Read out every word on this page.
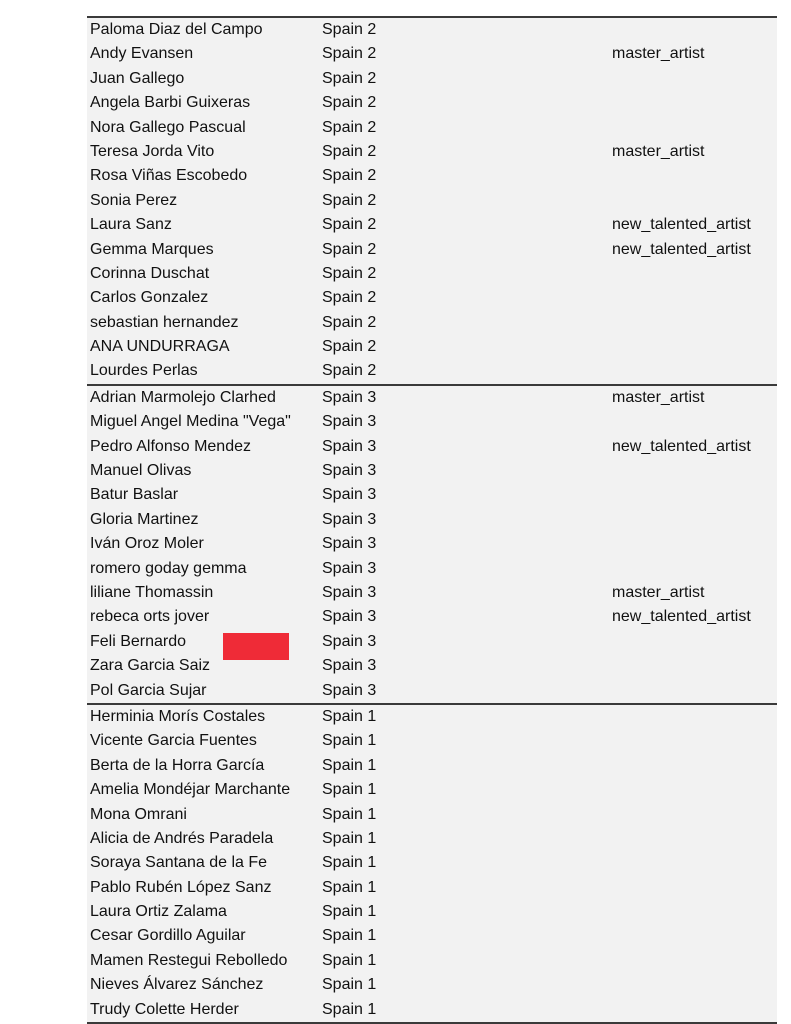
Paloma Diaz del Campo	Spain 2
Andy Evansen	Spain 2	master_artist
Juan Gallego	Spain 2
Angela Barbi Guixeras	Spain 2
Nora Gallego Pascual	Spain 2
Teresa Jorda Vito	Spain 2	master_artist
Rosa Viñas Escobedo	Spain 2
Sonia Perez	Spain 2
Laura Sanz	Spain 2	new_talented_artist
Gemma Marques	Spain 2	new_talented_artist
Corinna Duschat	Spain 2
Carlos Gonzalez	Spain 2
sebastian hernandez	Spain 2
ANA UNDURRAGA	Spain 2
Lourdes Perlas	Spain 2
Adrian Marmolejo Clarhed	Spain 3	master_artist
Miguel Angel Medina "Vega" Spain 3
Pedro Alfonso Mendez	Spain 3	new_talented_artist
Manuel Olivas	Spain 3
Batur Baslar	Spain 3
Gloria Martinez	Spain 3
Iván Oroz Moler	Spain 3
romero goday gemma	Spain 3
liliane Thomassin	Spain 3	master_artist
rebeca orts jover	Spain 3	new_talented_artist
Feli Bernardo	Spain 3
Zara Garcia Saiz	Spain 3
Pol Garcia Sujar	Spain 3
Herminia Morís Costales	Spain 1
Vicente Garcia Fuentes	Spain 1
Berta de la Horra García	Spain 1
Amelia Mondéjar Marchante Spain 1
Mona Omrani	Spain 1
Alicia de Andrés Paradela	Spain 1
Soraya Santana de la Fe	Spain 1
Pablo Rubén López Sanz	Spain 1
Laura Ortiz Zalama	Spain 1
Cesar Gordillo Aguilar	Spain 1
Mamen Restegui Rebolledo Spain 1
Nieves Álvarez Sánchez	Spain 1
Trudy Colette Herder	Spain 1
